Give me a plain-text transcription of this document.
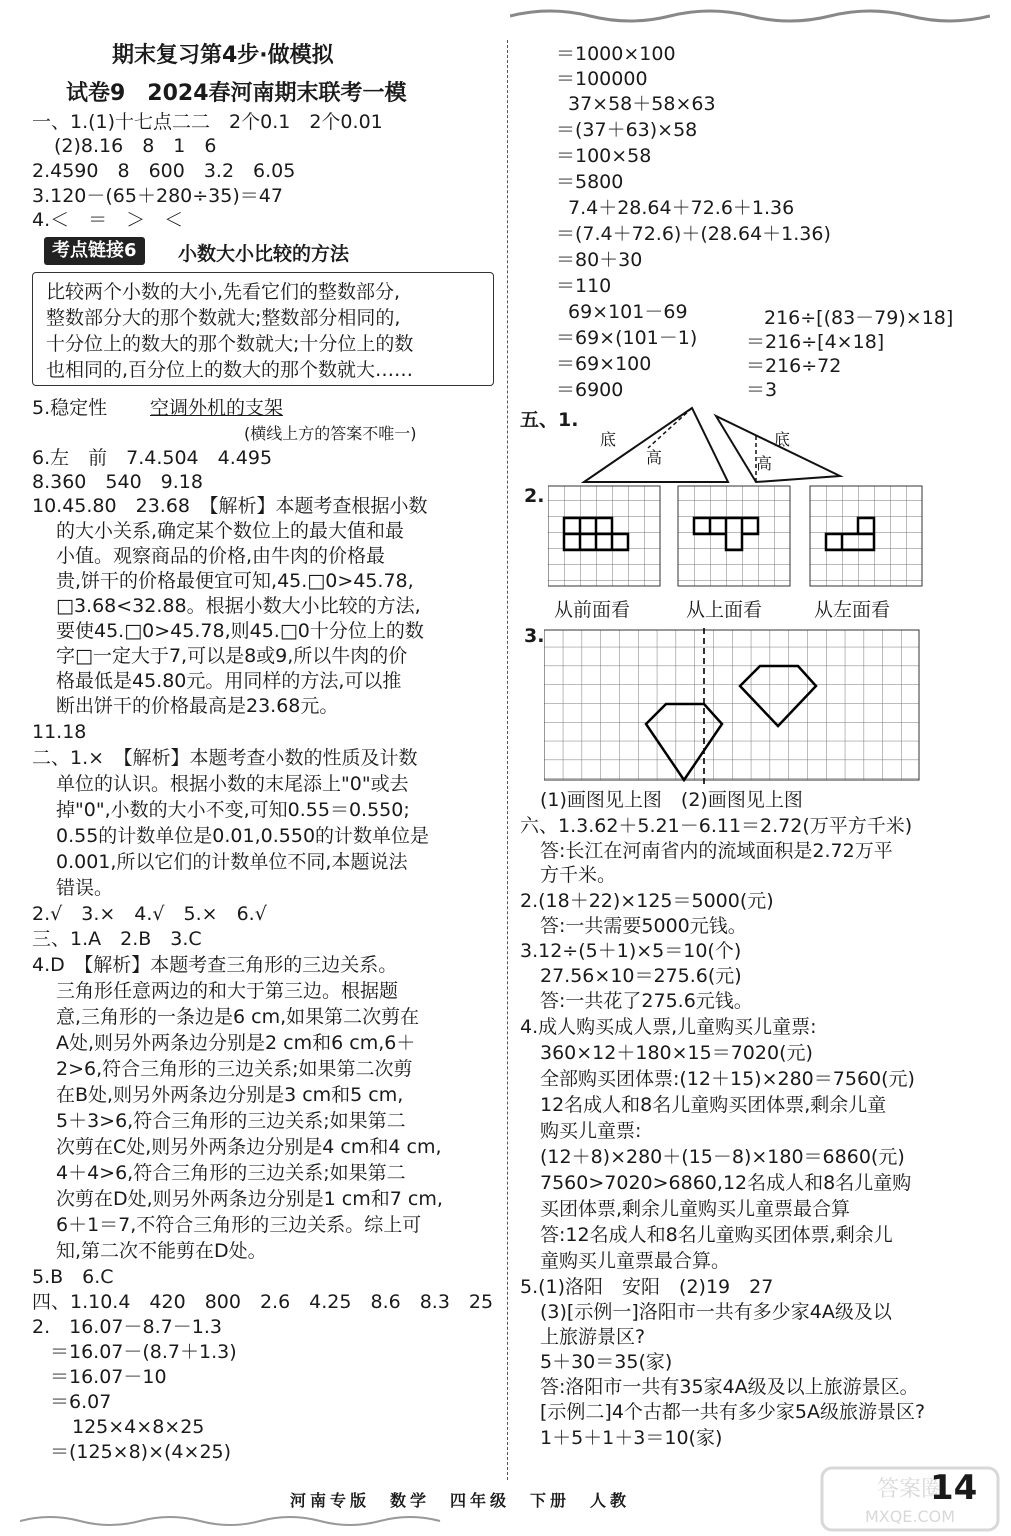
期末复习第4步·做模拟
试卷9　2024春河南期末联考一模
一、1.(1)十七点二二　2个0.1　2个0.01
(2)8.16　8　1　6
2.4590　8　600　3.2　6.05
3.120－(65＋280÷35)＝47
4.＜　＝　＞　＜
考点链接6	小数大小比较的方法
比较两个小数的大小,先看它们的整数部分,
整数部分大的那个数就大;整数部分相同的,
十分位上的数大的那个数就大;十分位上的数
也相同的,百分位上的数大的那个数就大……
5.稳定性 空调外机的支架
(横线上方的答案不唯一)
6.左　前　7.4.504　4.495
8.360　540　9.18
10.45.80　23.68　【解析】本题考查根据小数
的大小关系,确定某个数位上的最大值和最
小值。观察商品的价格,由牛肉的价格最
贵,饼干的价格最便宜可知,45.□0>45.78,
□3.68<32.88。根据小数大小比较的方法,
要使45.□0>45.78,则45.□0十分位上的数
字□一定大于7,可以是8或9,所以牛肉的价
格最低是45.80元。用同样的方法,可以推
断出饼干的价格最高是23.68元。
11.18
二、1.×　【解析】本题考查小数的性质及计数
单位的认识。根据小数的末尾添上"0"或去
掉"0",小数的大小不变,可知0.55＝0.550;
0.55的计数单位是0.01,0.550的计数单位是
0.001,所以它们的计数单位不同,本题说法
错误。
2.√　3.×　4.√　5.×　6.√
三、1.A　2.B　3.C
4.D　【解析】本题考查三角形的三边关系。
三角形任意两边的和大于第三边。根据题
意,三角形的一条边是6 cm,如果第二次剪在
A处,则另外两条边分别是2 cm和6 cm,6＋
2>6,符合三角形的三边关系;如果第二次剪
在B处,则另外两条边分别是3 cm和5 cm,
5＋3>6,符合三角形的三边关系;如果第二
次剪在C处,则另外两条边分别是4 cm和4 cm,
4＋4>6,符合三角形的三边关系;如果第二
次剪在D处,则另外两条边分别是1 cm和7 cm,
6＋1＝7,不符合三角形的三边关系。综上可
知,第二次不能剪在D处。
5.B　6.C
四、1.10.4　420　800　2.6　4.25　8.6　8.3　25
2.　16.07－8.7－1.3
＝16.07－(8.7＋1.3)
＝16.07－10
＝6.07
125×4×8×25
＝(125×8)×(4×25)
＝1000×100
＝100000
37×58＋58×63
＝(37＋63)×58
＝100×58
＝5800
7.4＋28.64＋72.6＋1.36
＝(7.4＋72.6)＋(28.64＋1.36)
＝80＋30
＝110
69×101－69
＝69×(101－1)
＝69×100
＝6900
216÷[(83－79)×18]
＝216÷[4×18]
＝216÷72
＝3
五、1.
底
高
底
高
2.
从前面看	从上面看	从左面看
3.
(1)画图见上图　(2)画图见上图
六、1.3.62＋5.21－6.11＝2.72(万平方千米)
答:长江在河南省内的流域面积是2.72万平
方千米。
2.(18＋22)×125＝5000(元)
答:一共需要5000元钱。
3.12÷(5＋1)×5＝10(个)
27.56×10＝275.6(元)
答:一共花了275.6元钱。
4.成人购买成人票,儿童购买儿童票:
360×12＋180×15＝7020(元)
全部购买团体票:(12＋15)×280＝7560(元)
12名成人和8名儿童购买团体票,剩余儿童
购买儿童票:
(12＋8)×280＋(15－8)×180＝6860(元)
7560>7020>6860,12名成人和8名儿童购
买团体票,剩余儿童购买儿童票最合算
答:12名成人和8名儿童购买团体票,剩余儿
童购买儿童票最合算。
5.(1)洛阳　安阳　(2)19　27
(3)[示例一]洛阳市一共有多少家4A级及以
上旅游景区?
5＋30＝35(家)
答:洛阳市一共有35家4A级及以上旅游景区。
[示例二]4个古都一共有多少家5A级旅游景区?
1＋5＋1＋3＝10(家)
河南专版　数学　四年级　下册　人教	答案圈
MXQE.COM
14
